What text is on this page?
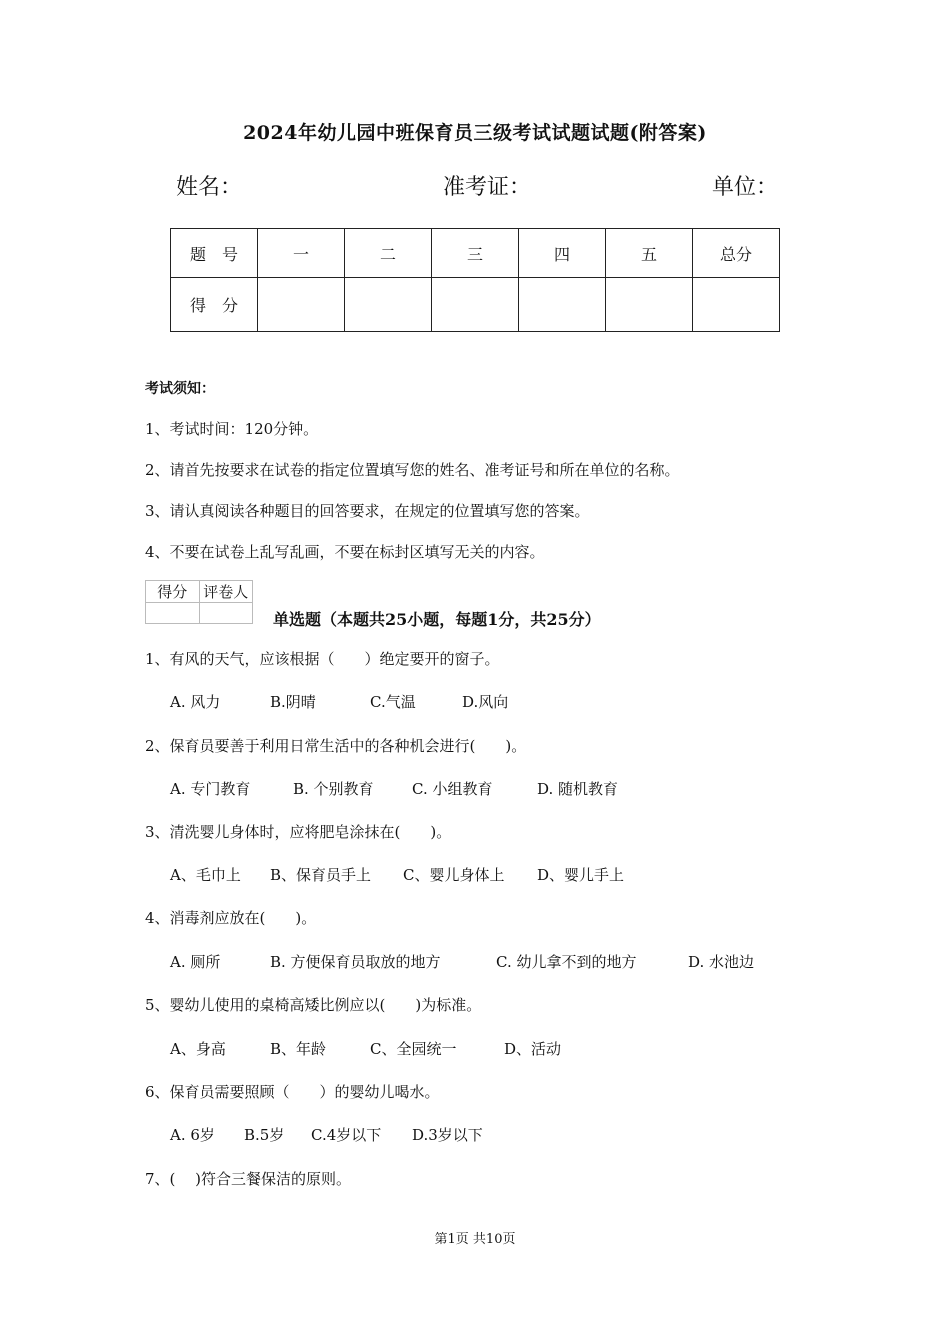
2024年幼儿园中班保育员三级考试试题试题(附答案)
姓名：	准考证：	单位：
题　号	一	二	三	四	五	总分
得　分						
考试须知：
1、考试时间：120分钟。
2、请首先按要求在试卷的指定位置填写您的姓名、准考证号和所在单位的名称。
3、请认真阅读各种题目的回答要求，在规定的位置填写您的答案。
4、不要在试卷上乱写乱画，不要在标封区填写无关的内容。
得分	评卷人

单选题（本题共25小题，每题1分，共25分）
1、有风的天气，应该根据（　　）绝定要开的窗子。
A. 风力	B.阴晴	C.气温	D.风向
2、保育员要善于利用日常生活中的各种机会进行(　　)。
A. 专门教育	B. 个别教育	C. 小组教育	D. 随机教育
3、清洗婴儿身体时，应将肥皂涂抹在(　　)。
A、毛巾上 B、保育员手上 C、婴儿身体上 D、婴儿手上
4、消毒剂应放在(　　)。
A. 厕所	B. 方便保育员取放的地方	C. 幼儿拿不到的地方	D. 水池边
5、婴幼儿使用的桌椅高矮比例应以(　　)为标准。
A、身高	B、年龄	C、全园统一	D、活动
6、保育员需要照顾（　　）的婴幼儿喝水。
A. 6岁 B.5岁 C.4岁以下 D.3岁以下
7、(　 )符合三餐保洁的原则。
第1页 共10页
